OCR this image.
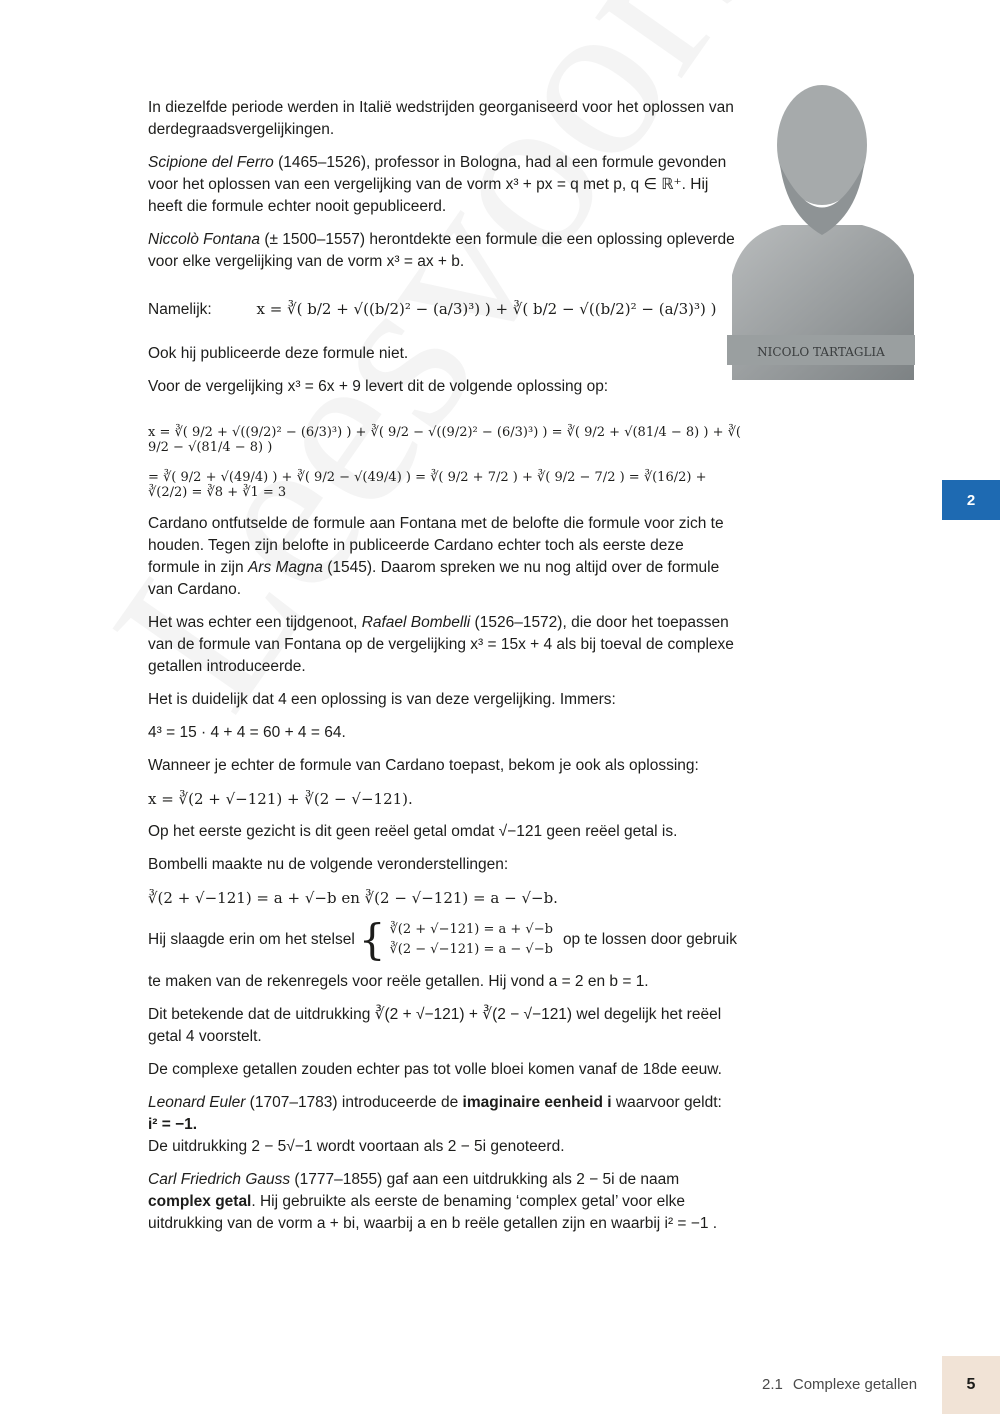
NICOLO TARTAGLIA

In diezelfde periode werden in Italië wedstrijden georganiseerd voor het oplossen van derdegraadsvergelijkingen.

Scipione del Ferro (1465–1526), professor in Bologna, had al een formule gevonden voor het oplossen van een vergelijking van de vorm x³ + px = q met p, q ∈ ℝ⁺. Hij heeft die formule echter nooit gepubliceerd.

Niccolò Fontana (± 1500–1557) herontdekte een formule die een oplossing opleverde voor elke vergelijking van de vorm x³ = ax + b.

Namelijk:	x = ∛( b/2 + √((b/2)² − (a/3)³) ) + ∛( b/2 − √((b/2)² − (a/3)³) )

Ook hij publiceerde deze formule niet.

Voor de vergelijking x³ = 6x + 9 levert dit de volgende oplossing op:

x = ∛( 9/2 + √((9/2)² − (6/3)³) ) + ∛( 9/2 − √((9/2)² − (6/3)³) ) = ∛( 9/2 + √(81/4 − 8) ) + ∛( 9/2 − √(81/4 − 8) )
= ∛( 9/2 + √(49/4) ) + ∛( 9/2 − √(49/4) ) = ∛( 9/2 + 7/2 ) + ∛( 9/2 − 7/2 ) = ∛(16/2) + ∛(2/2) = ∛8 + ∛1 = 3

Cardano ontfutselde de formule aan Fontana met de belofte die formule voor zich te houden. Tegen zijn belofte in publiceerde Cardano echter toch als eerste deze formule in zijn Ars Magna (1545). Daarom spreken we nu nog altijd over de formule van Cardano.

Het was echter een tijdgenoot, Rafael Bombelli (1526–1572), die door het toepassen van de formule van Fontana op de vergelijking x³ = 15x + 4 als bij toeval de complexe getallen introduceerde.

Het is duidelijk dat 4 een oplossing is van deze vergelijking. Immers:

4³ = 15 · 4 + 4 = 60 + 4 = 64.

Wanneer je echter de formule van Cardano toepast, bekom je ook als oplossing:

x = ∛(2 + √−121) + ∛(2 − √−121).

Op het eerste gezicht is dit geen reëel getal omdat √−121 geen reëel getal is.

Bombelli maakte nu de volgende veronderstellingen:

∛(2 + √−121) = a + √−b en ∛(2 − √−121) = a − √−b.

Hij slaagde erin om het stelsel { ∛(2 + √−121) = a + √−b
∛(2 − √−121) = a − √−b
op te lossen door gebruik

te maken van de rekenregels voor reële getallen. Hij vond a = 2 en b = 1.

Dit betekende dat de uitdrukking ∛(2 + √−121) + ∛(2 − √−121) wel degelijk het reëel getal 4 voorstelt.

De complexe getallen zouden echter pas tot volle bloei komen vanaf de 18de eeuw.

Leonard Euler (1707–1783) introduceerde de imaginaire eenheid i waarvoor geldt:
i² = −1.
De uitdrukking 2 − 5√−1 wordt voortaan als 2 − 5i genoteerd.

Carl Friedrich Gauss (1777–1855) gaf aan een uitdrukking als 2 − 5i de naam complex getal. Hij gebruikte als eerste de benaming ‘complex getal’ voor elke uitdrukking van de vorm a + bi, waarbij a en b reële getallen zijn en waarbij i² = −1 .

2
2.1 Complexe getallen	5
